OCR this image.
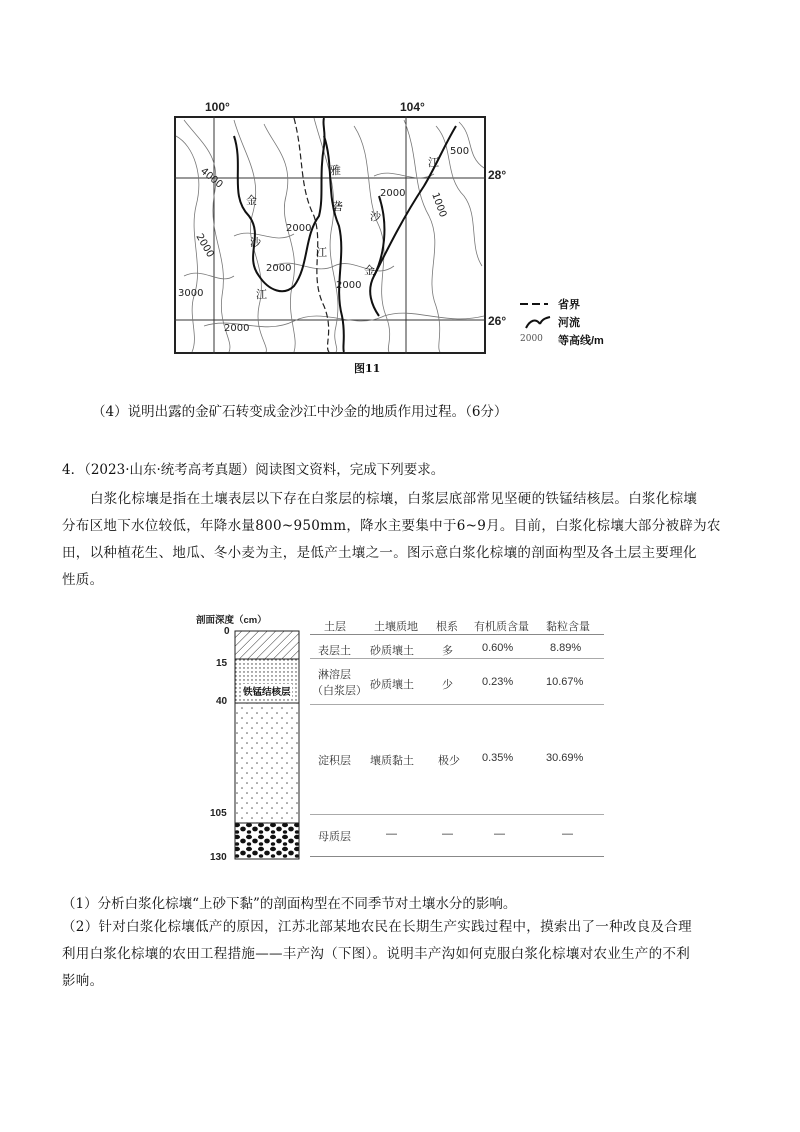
100°	104°
28°
26°
4000
3000
2000
2000
2000
2000
2000
2000
500
1000
金
沙
江
雅
砻
江
沙
金
江
图11
省界
河流
2000 等高线/m
（4）说明出露的金矿石转变成金沙江中沙金的地质作用过程。（6分）
4．（2023·山东·统考高考真题）阅读图文资料，完成下列要求。
白浆化棕壤是指在土壤表层以下存在白浆层的棕壤，白浆层底部常见坚硬的铁锰结核层。白浆化棕壤
分布区地下水位较低，年降水量800~950mm，降水主要集中于6~9月。目前，白浆化棕壤大部分被辟为农
田，以种植花生、地瓜、冬小麦为主，是低产土壤之一。图示意白浆化棕壤的剖面构型及各土层主要理化
性质。
剖面深度（cm）
0
15
40
105
130
铁锰结核层
土层	土壤质地 根系 有机质含量 黏粒含量
表层土 砂质壤土	多	0.60%	8.89%
淋溶层
（白浆层） 砂质壤土	少	0.23%	10.67%
淀积层 壤质黏土 极少 0.35%	30.69%
母质层	—	—	—	—
（1）分析白浆化棕壤“上砂下黏”的剖面构型在不同季节对土壤水分的影响。
（2）针对白浆化棕壤低产的原因，江苏北部某地农民在长期生产实践过程中，摸索出了一种改良及合理
利用白浆化棕壤的农田工程措施——丰产沟（下图）。说明丰产沟如何克服白浆化棕壤对农业生产的不利
影响。
